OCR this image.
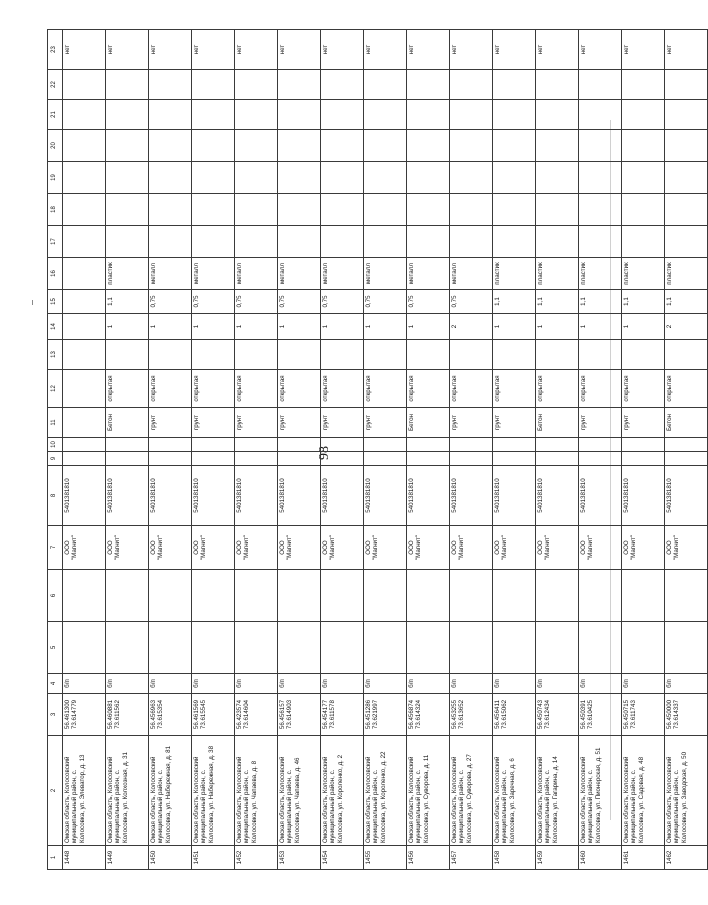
98
1	2	3	4	5	6	7	8	9	10	11	12	13	14	15	16	17	18	19	20	21	22	23
1448	Омская область, Колосовский муниципальный район, с. Колосовка, ул. Элеватор, д. 13	56.461300 73.614779	б/п			ООО "Магнит"	5401381810															нет
1449	Омская область, Колосовский муниципальный район, с. Колосовка, ул. Колхозная, д. 31	56.460881 73.611562	б/п			ООО "Магнит"	5401381810			Бетон	открытая		1	1,1	пластик							нет
1450	Омская область, Колосовский муниципальный район, с. Колосовка, ул. Набережная, д. 81	56.456963 73.615354	б/п			ООО "Магнит"	5401381810			грунт	открытая		1	0,75	металл							нет
1451	Омская область, Колосовский муниципальный район, с. Колосовка, ул. Набережная, д. 38	56.461569 73.615545	б/п			ООО "Магнит"	5401381810			грунт	открытая		1	0,75	металл							нет
1452	Омская область, Колосовский муниципальный район, с. Колосовка, ул. Чапаева, д. 8	56.423574 73.614604	б/п			ООО "Магнит"	5401381810			грунт	открытая		1	0,75	металл							нет
1453	Омская область, Колосовский муниципальный район, с. Колосовка, ул. Чапаева, д. 46	56.456157 73.614903	б/п			ООО "Магнит"	5401381810			грунт	открытая		1	0,75	металл							нет
1454	Омская область, Колосовский муниципальный район, с. Колосовка, ул. Короленко, д. 2	56.454177 73.611578	б/п			ООО "Магнит"	5401381810			грунт	открытая		1	0,75	металл							нет
1455	Омская область, Колосовский муниципальный район, с. Колосовка, ул. Короленко, д. 22	56.451286 73.621997	б/п			ООО "Магнит"	5401381810			грунт	открытая		1	0,75	металл							нет
1456	Омская область, Колосовский муниципальный район, с. Колосовка, ул. Суворова, д. 11	56.456874 73.614324	б/п			ООО "Магнит"	5401381810			Бетон	открытая		1	0,75	металл							нет
1457	Омская область, Колосовский муниципальный район, с. Колосовка, ул. Суворова, д. 27	56.453255 73.613652	б/п			ООО "Магнит"	5401381810			грунт	открытая		2	0,75	металл							нет
1458	Омская область, Колосовский муниципальный район, с. Колосовка, ул. Заречная, д. 6	56.456411 73.615062	б/п			ООО "Магнит"	5401381810			грунт	открытая		1	1,1	пластик							нет
1459	Омская область, Колосовский муниципальный район, с. Колосовка, ул. Гагарина, д. 14	56.450743 73.612434	б/п			ООО "Магнит"	5401381810			Бетон	открытая		1	1,1	пластик							нет
1460	Омская область, Колосовский муниципальный район, с. Колосовка, ул. Пионерская, д. 51	56.450391 73.610425	б/п			ООО "Магнит"	5401381810			грунт	открытая		1	1,1	пластик							нет
1461	Омская область, Колосовский муниципальный район, с. Колосовка, ул. Садовая, д. 48	56.450715 73.611743	б/п			ООО "Магнит"	5401381810			грунт	открытая		1	1,1	пластик							нет
1462	Омская область, Колосовский муниципальный район, с. Колосовка, ул. Заводская, д. 50	56.450000 73.614337	б/п			ООО "Магнит"	5401381810			Бетон	открытая		2	1,1	пластик							нет
